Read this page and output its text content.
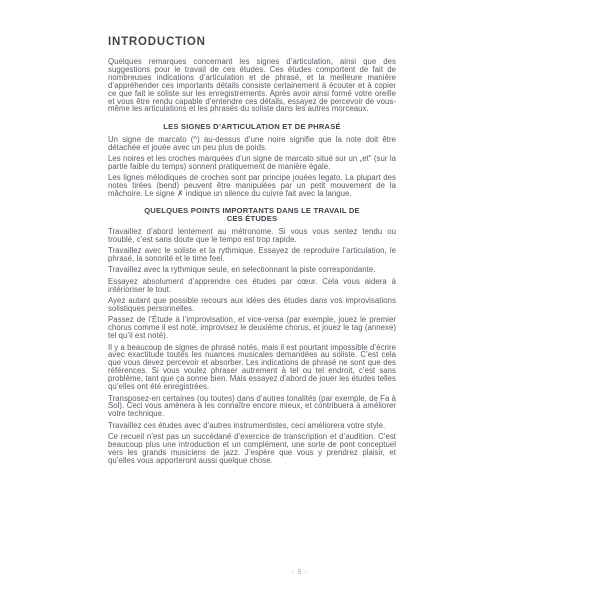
INTRODUCTION

Quelques remarques concernant les signes d’articulation, ainsi que des suggestions pour le travail de ces études. Ces études comportent de fait de nombreuses indications d’articulation et de phrasé, et la meilleure manière d’appréhender ces importants détails consiste certainement à écouter et à copier ce que fait le soliste sur les enregistrements. Après avoir ainsi formé votre oreille et vous être rendu capable d’entendre ces détails, essayez de percevoir de vous-même les articulations et les phrasés du soliste dans les autres morceaux.

LES SIGNES D’ARTICULATION ET DE PHRASÉ

Un signe de marcato (^) au-dessus d’une noire signifie que la note doit être détachée et jouée avec un peu plus de poids.

Les noires et les croches marquées d’un signe de marcato situé sur un „et” (sur la partie faible du temps) sonnent pratiquement de manière égale.

Les lignes mélodiques de croches sont par principe jouées legato. La plupart des notes tirées (bend) peuvent être manipulées par un petit mouvement de la mâchoire. Le signe ✗ indique un silence du cuivre fait avec la langue.

QUELQUES POINTS IMPORTANTS DANS LE TRAVAIL DE CES ÉTUDES

Travaillez d’abord lentement au métronome. Si vous vous sentez tendu ou troublé, c’est sans doute que le tempo est trop rapide.

Travaillez avec le soliste et la rythmique. Essayez de reproduire l’articulation, le phrasé, la sonorité et le time feel.

Travaillez avec la rythmique seule, en selectionnant la piste correspondante.

Essayez absolument d’apprendre ces études par cœur. Cela vous aidera à intérioriser le tout.

Ayez autant que possible recours aux idées des études dans vos improvisations solistiques personnelles.

Passez de l’Étude à l’improvisation, et vice-versa (par exemple, jouez le premier chorus comme il est noté, improvisez le deuxième chorus, et jouez le tag (annexe) tel qu’il est noté).

Il y a beaucoup de signes de phrasé notés, mais il est pourtant impossible d’écrire avec exactitude toutes les nuances musicales demandées au soliste. C’est cela que vous devez percevoir et absorber. Les indications de phrasé ne sont que des références. Si vous voulez phraser autrement à tel ou tel endroit, c’est sans problème, tant que ça sonne bien. Mais essayez d’abord de jouer les études telles qu’elles ont été enregistrées.

Transposez-en certaines (ou toutes) dans d’autres tonalités (par exemple, de Fa à Sol). Ceci vous amènera à les connaître encore mieux, et contribuera à améliorer votre technique.

Travaillez ces études avec d’autres instrumentistes, ceci améliorera votre style.

Ce recueil n’est pas un succédané d’exercice de transcription et d’audition. C’est beaucoup plus une introduction et un complément, une sorte de pont conceptuel vers les grands musiciens de jazz. J’espère que vous y prendrez plaisir, et qu’elles vous apporteront aussi quelque chose.

- 5 -
